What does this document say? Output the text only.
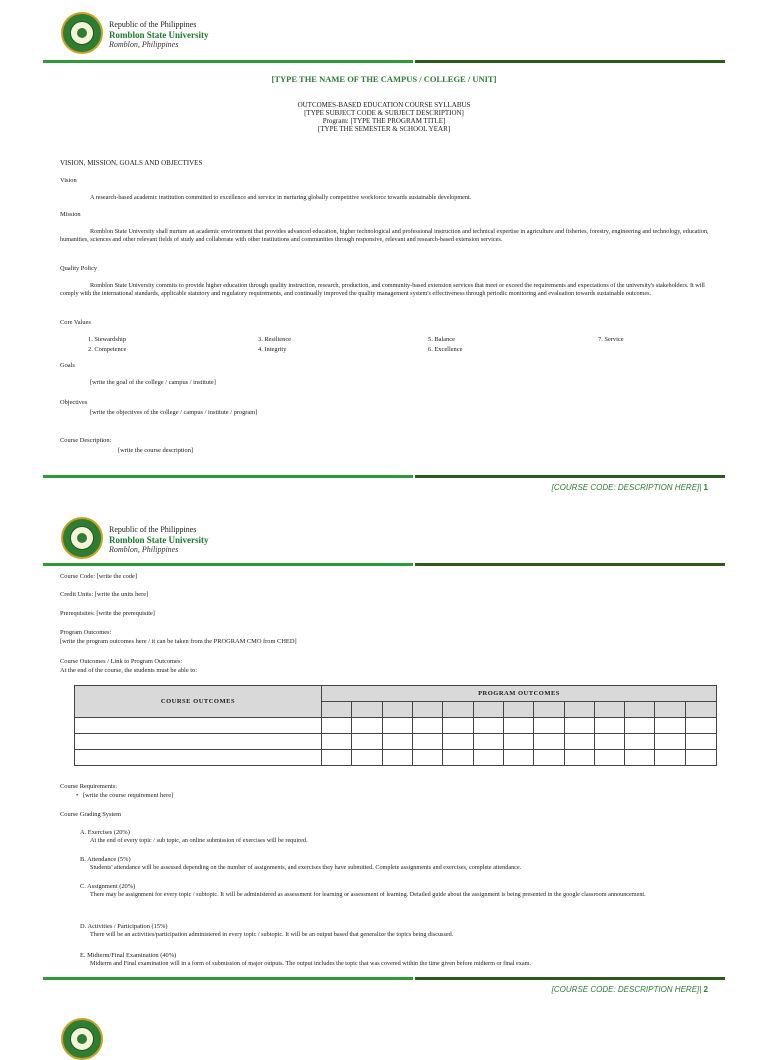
Republic of the Philippines
Romblon State University
Romblon, Philippines
[TYPE THE NAME OF THE CAMPUS / COLLEGE / UNIT]
OUTCOMES-BASED EDUCATION COURSE SYLLABUS
[TYPE SUBJECT CODE & SUBJECT DESCRIPTION]
Program: [TYPE THE PROGRAM TITLE]
[TYPE THE SEMESTER & SCHOOL YEAR]
VISION, MISSION, GOALS AND OBJECTIVES
Vision
A research-based academic institution committed to excellence and service in nurturing globally competitive workforce towards sustainable development.
Mission
Romblon State University shall nurture an academic environment that provides advanced education, higher technological and professional instruction and technical expertise in agriculture and fisheries, forestry, engineering and technology, education, humanities, sciences and other relevant fields of study and collaborate with other institutions and communities through responsive, relevant and research-based extension services.
Quality Policy
Romblon State University commits to provide higher education through quality instruction, research, production, and community-based extension services that meet or exceed the requirements and expectations of the university's stakeholders. It will comply with the international standards, applicable statutory and regulatory requirements, and continually improved the quality management system's effectiveness through periodic monitoring and evaluation towards sustainable outcomes.
Core Values
1. Stewardship
2. Competence
3. Resilience
4. Integrity
5. Balance
6. Excellence
7. Service
Goals
[write the goal of the college / campus / institute]
Objectives
[write the objectives of the college / campus / institute / program]
Course Description:
[write the course description]
[COURSE CODE: DESCRIPTION HERE]| 1
Republic of the Philippines
Romblon State University
Romblon, Philippines
Course Code: [write the code]
Credit Units: [write the units here]
Prerequisites: [write the prerequisite]
Program Outcomes:
[write the program outcomes here / it can be taken from the PROGRAM CMO from CHED]
Course Outcomes / Link to Program Outcomes:
At the end of the course, the students must be able to:
COURSE OUTCOMES	PROGRAM OUTCOMES												

Course Requirements:
•   [write the course requirement here]
Course Grading System
A. Exercises (20%)
At the end of every topic / sub topic, an online submission of exercises will be required.
B. Attendance (5%)
Students' attendance will be assessed depending on the number of assignments, and exercises they have submitted. Complete assignments and exercises, complete attendance.
C. Assignment (20%)
There may be assignment for every topic / subtopic. It will be administered as assessment for learning or assessment of learning. Detailed guide about the assignment is being presented in the google classroom announcement.
D. Activities / Participation (15%)
There will be an activities/participation administered in every topic / subtopic. It will be an output based that generalize the topics being discussed.
E. Midterm/Final Examination (40%)
Midterm and Final examination will in a form of submission of major outputs. The output includes the topic that was covered within the time given before midterm or final exam.
[COURSE CODE: DESCRIPTION HERE]| 2
